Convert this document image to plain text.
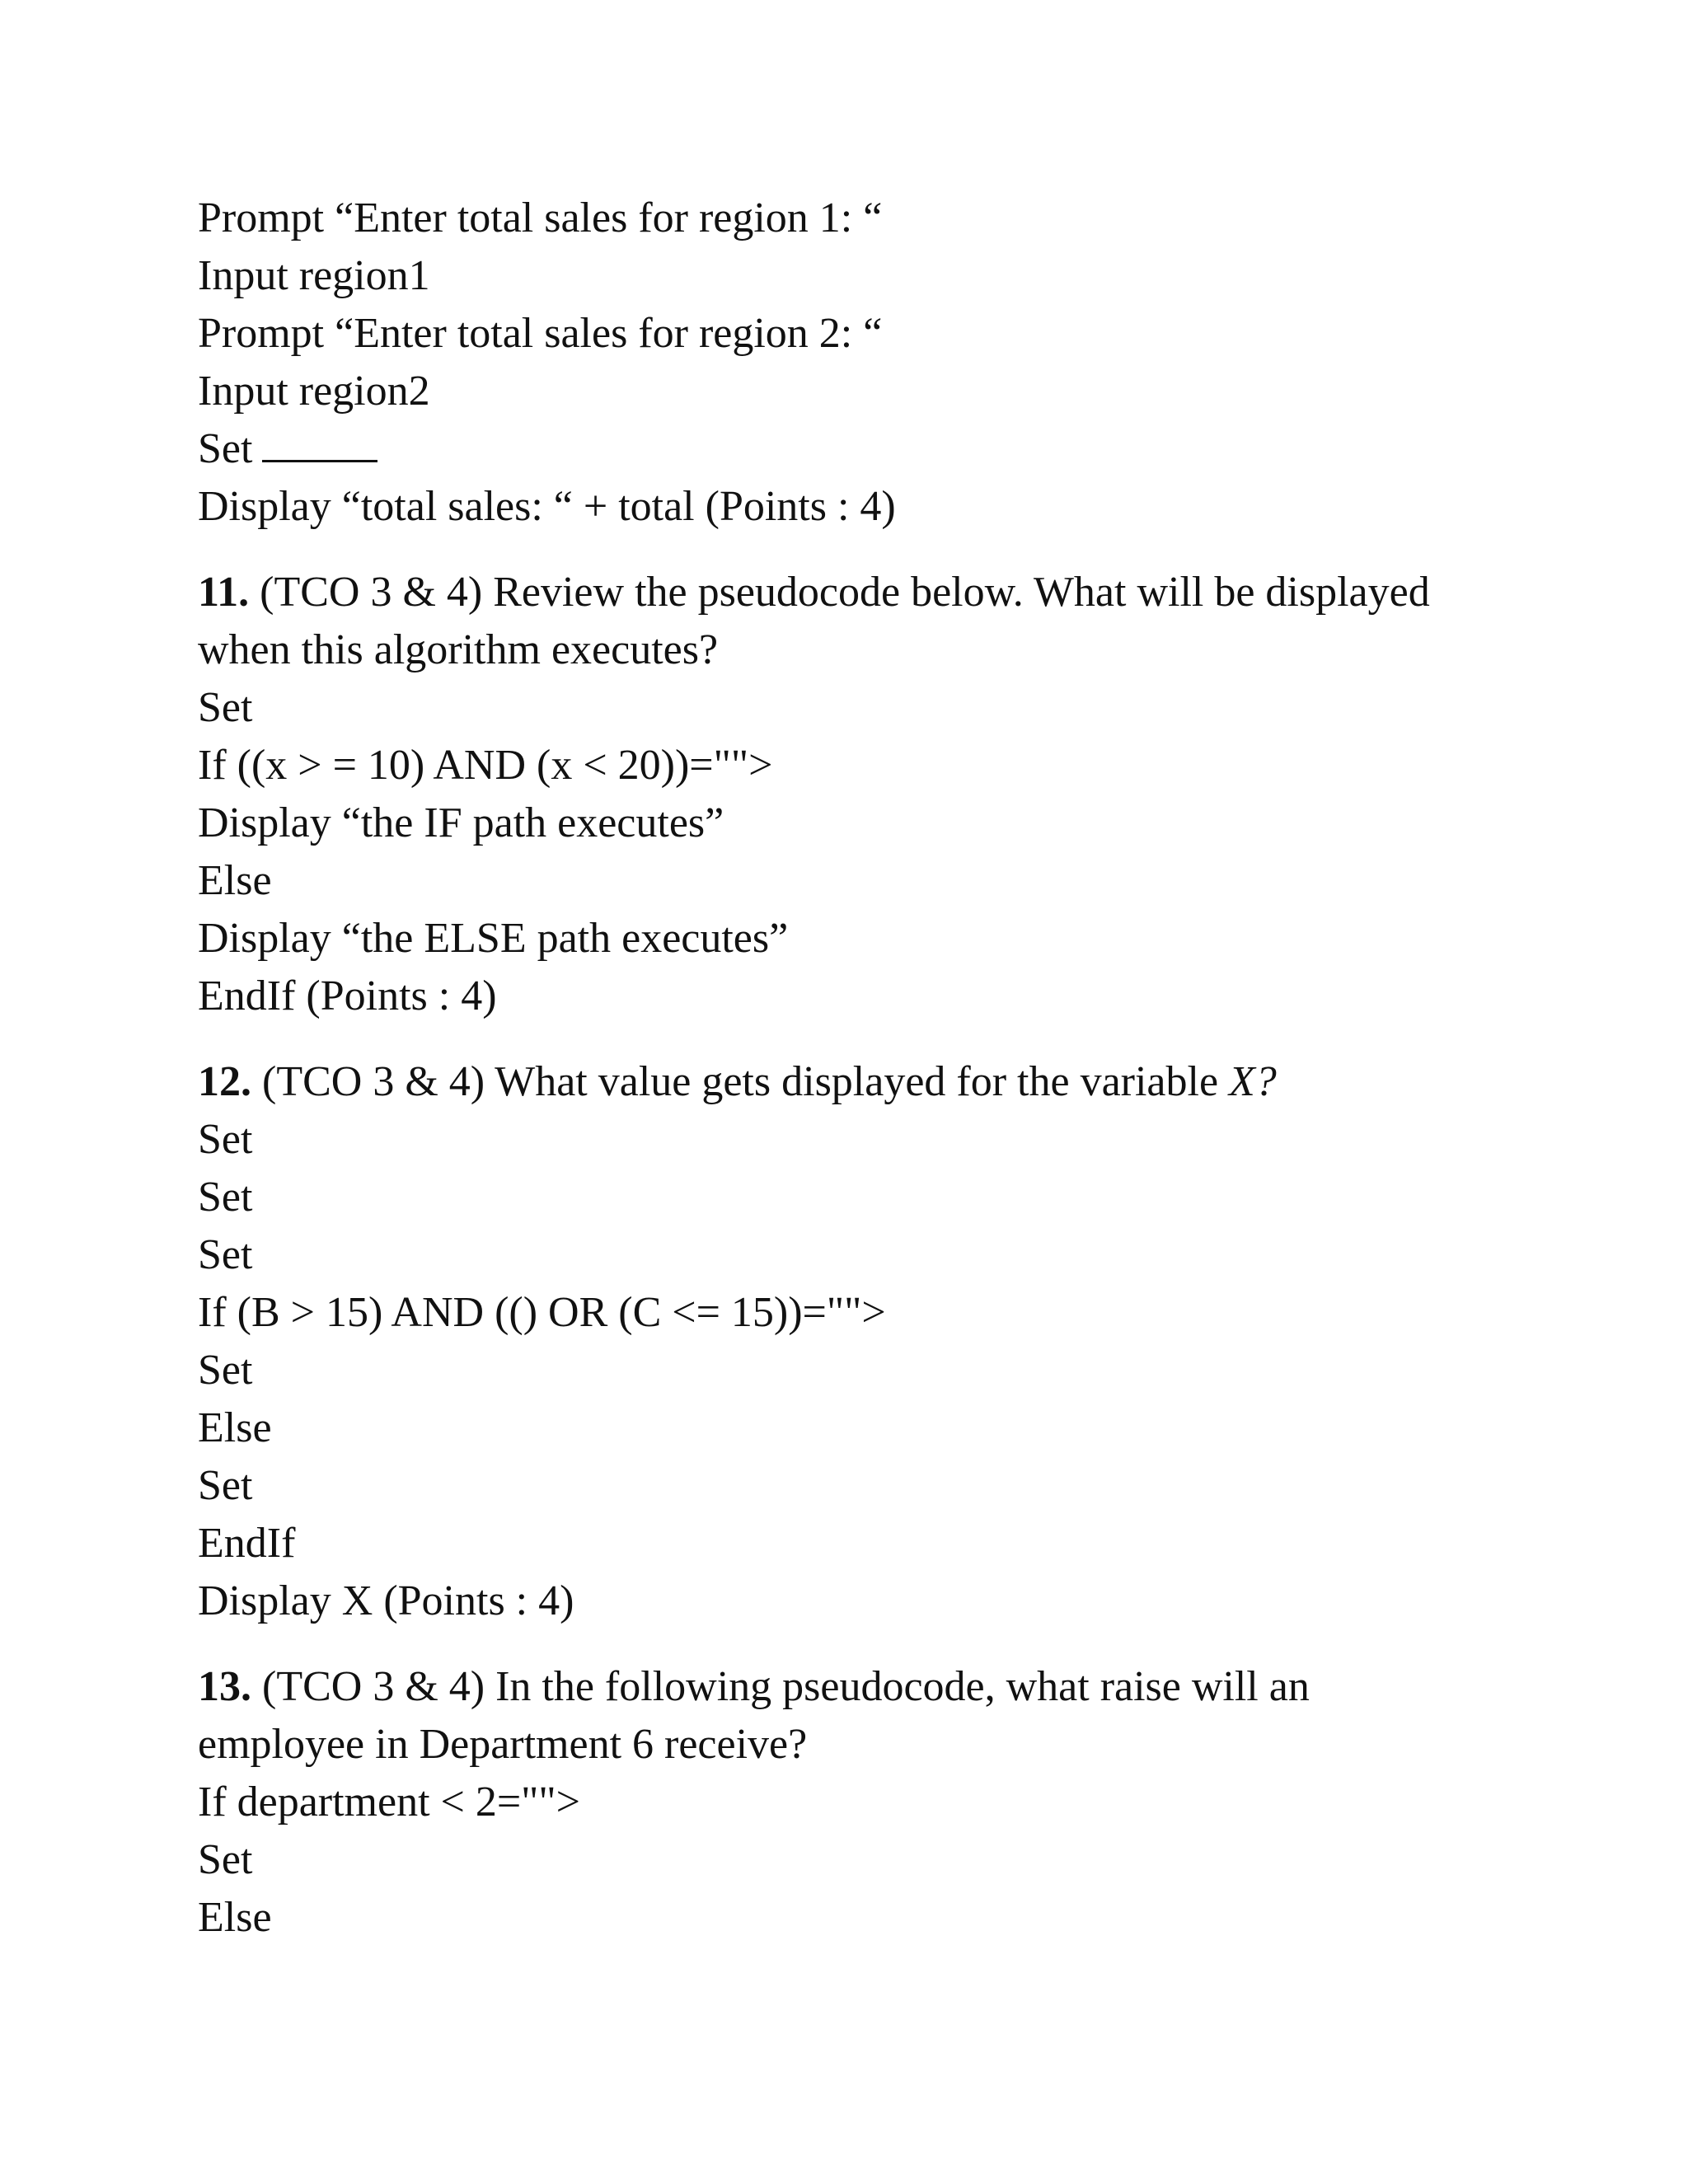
Prompt “Enter total sales for region 1: “
Input region1
Prompt “Enter total sales for region 2: “
Input region2
Set
Display “total sales: “ + total (Points : 4)
11. (TCO 3 & 4) Review the pseudocode below. What will be displayed
when this algorithm executes?
Set
If ((x > = 10) AND (x < 20))="">
Display “the IF path executes”
Else
Display “the ELSE path executes”
EndIf (Points : 4)
12. (TCO 3 & 4) What value gets displayed for the variable X?
Set
Set
Set
If (B > 15) AND (() OR (C <= 15))="">
Set
Else
Set
EndIf
Display X (Points : 4)
13. (TCO 3 & 4) In the following pseudocode, what raise will an
employee in Department 6 receive?
If department < 2="">
Set
Else
